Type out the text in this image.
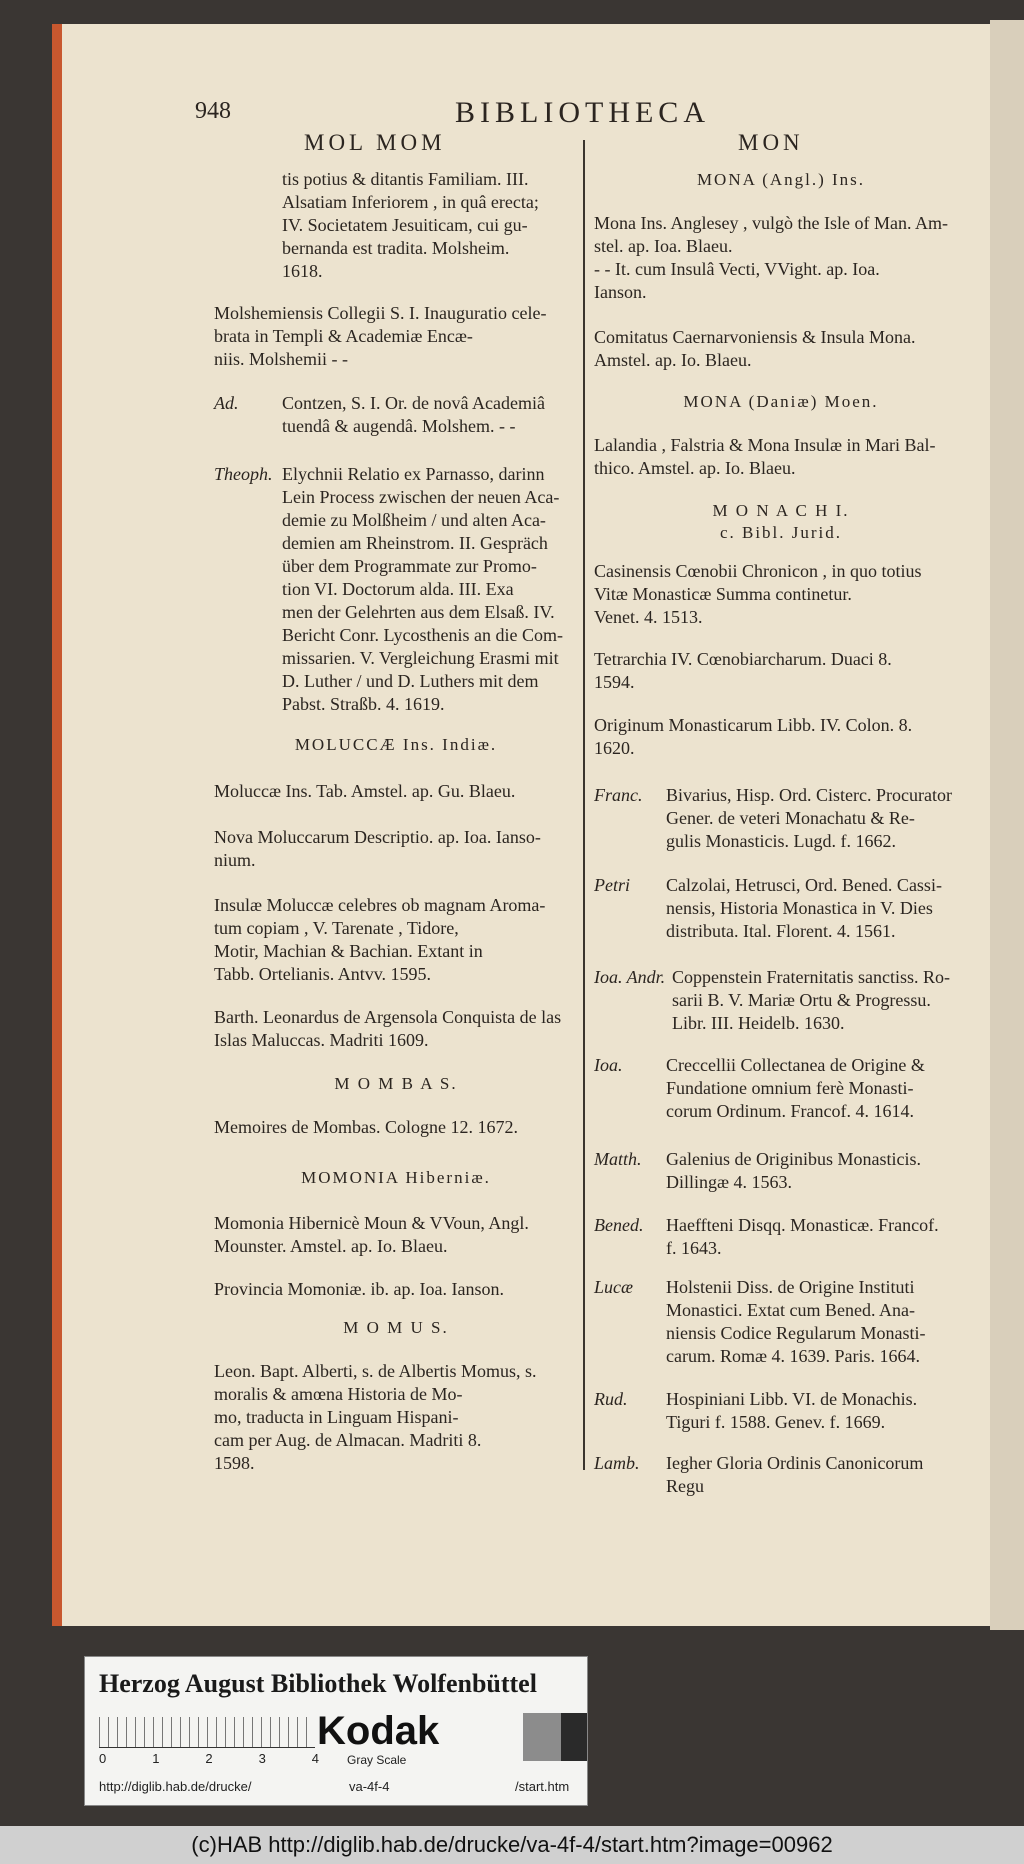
948	BIBLIOTHECA
MOL MOM	MON
tis potius & ditantis Familiam. III.
Alsatiam Inferiorem , in quâ erecta;
IV. Societatem Jesuiticam, cui gu-
bernanda est tradita. Molsheim.
1618.
Molshemiensis Collegii S. I. Inauguratio cele-
brata in Templi & Academiæ Encæ-
niis. Molshemii - -
Ad. Contzen, S. I. Or. de novâ Academiâ
tuendâ & augendâ. Molshem. - -
Theoph. Elychnii Relatio ex Parnasso, darinn
Lein Process zwischen der neuen Aca-
demie zu Molßheim / und alten Aca-
demien am Rheinstrom. II. Gespräch
über dem Programmate zur Promo-
tion VI. Doctorum alda. III. Exa
men der Gelehrten aus dem Elsaß. IV.
Bericht Conr. Lycosthenis an die Com-
missarien. V. Vergleichung Erasmi mit
D. Luther / und D. Luthers mit dem
Pabst. Straßb. 4. 1619.
MOLUCCÆ Ins. Indiæ.
Moluccæ Ins. Tab. Amstel. ap. Gu. Blaeu.
Nova Moluccarum Descriptio. ap. Ioa. Ianso-
nium.
Insulæ Moluccæ celebres ob magnam Aroma-
tum copiam , V. Tarenate , Tidore,
Motir, Machian & Bachian. Extant in
Tabb. Ortelianis. Antvv. 1595.
Barth. Leonardus de Argensola Conquista de las
Islas Maluccas. Madriti 1609.
M O M B A S.
Memoires de Mombas. Cologne 12. 1672.
MOMONIA Hiberniæ.
Momonia Hibernicè Moun & VVoun, Angl.
Mounster. Amstel. ap. Io. Blaeu.
Provincia Momoniæ. ib. ap. Ioa. Ianson.
M O M U S.
Leon. Bapt. Alberti, s. de Albertis Momus, s.
moralis & amœna Historia de Mo-
mo, traducta in Linguam Hispani-
cam per Aug. de Almacan. Madriti 8.
1598.
MONA (Angl.) Ins.
Mona Ins. Anglesey , vulgò the Isle of Man. Am-
stel. ap. Ioa. Blaeu.
- - It. cum Insulâ Vecti, VVight. ap. Ioa.
Ianson.
Comitatus Caernarvoniensis & Insula Mona.
Amstel. ap. Io. Blaeu.
MONA (Daniæ) Moen.
Lalandia , Falstria & Mona Insulæ in Mari Bal-
thico. Amstel. ap. Io. Blaeu.
M O N A C H I.
c. Bibl. Jurid.
Casinensis Cœnobii Chronicon , in quo totius
Vitæ Monasticæ Summa continetur.
Venet. 4. 1513.
Tetrarchia IV. Cœnobiarcharum. Duaci 8.
1594.
Originum Monasticarum Libb. IV. Colon. 8.
1620.
Franc. Bivarius, Hisp. Ord. Cisterc. Procurator
Gener. de veteri Monachatu & Re-
gulis Monasticis. Lugd. f. 1662.
Petri Calzolai, Hetrusci, Ord. Bened. Cassi-
nensis, Historia Monastica in V. Dies
distributa. Ital. Florent. 4. 1561.
Ioa. Andr. Coppenstein Fraternitatis sanctiss. Ro-
sarii B. V. Mariæ Ortu & Progressu.
Libr. III. Heidelb. 1630.
Ioa. Creccellii Collectanea de Origine &
Fundatione omnium ferè Monasti-
corum Ordinum. Francof. 4. 1614.
Matth. Galenius de Originibus Monasticis.
Dillingæ 4. 1563.
Bened. Haeffteni Disqq. Monasticæ. Francof.
f. 1643.
Lucæ Holstenii Diss. de Origine Instituti
Monastici. Extat cum Bened. Ana-
niensis Codice Regularum Monasti-
carum. Romæ 4. 1639. Paris. 1664.
Rud. Hospiniani Libb. VI. de Monachis.
Tiguri f. 1588. Genev. f. 1669.
Lamb. Iegher Gloria Ordinis Canonicorum
Regu
Herzog August Bibliothek Wolfenbüttel
0	1	2	3	4
Kodak
Gray Scale
http://diglib.hab.de/drucke/	va-4f-4	/start.htm
(c)HAB http://diglib.hab.de/drucke/va-4f-4/start.htm?image=00962
